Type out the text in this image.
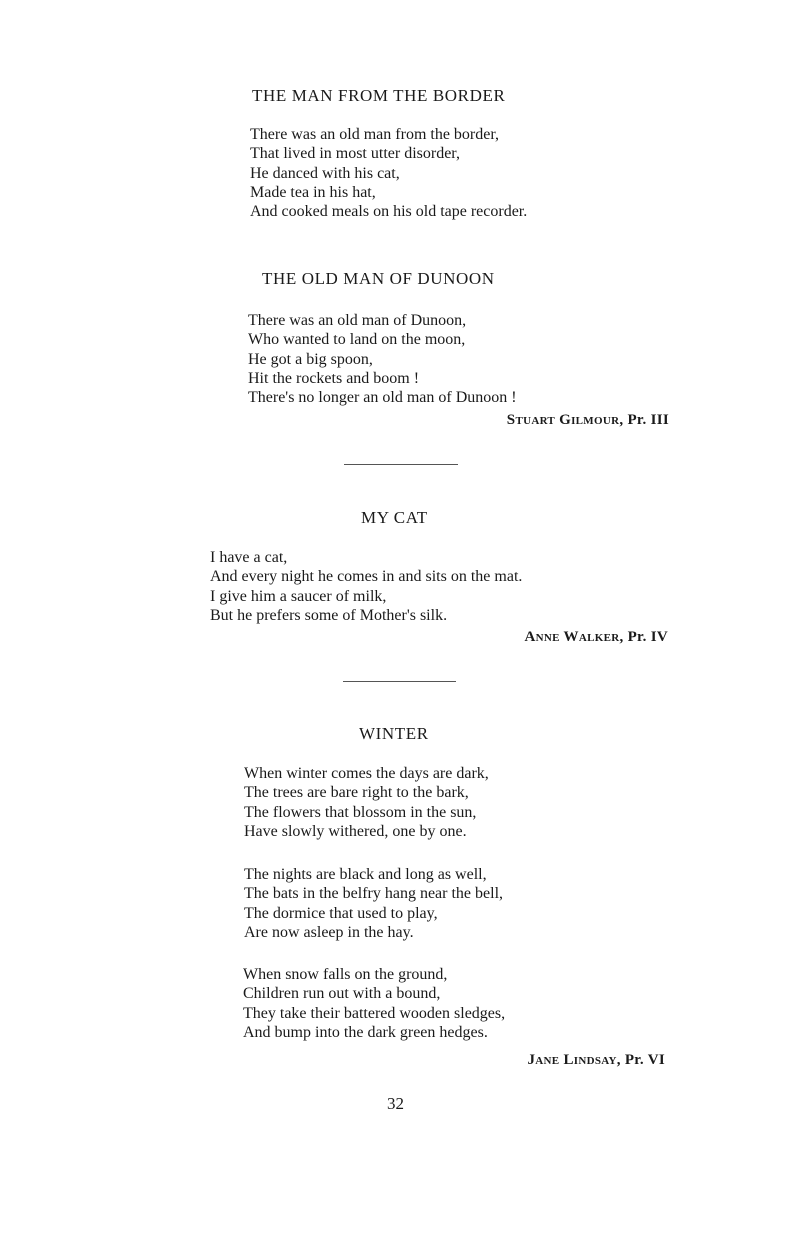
THE MAN FROM THE BORDER
There was an old man from the border,
That lived in most utter disorder,
He danced with his cat,
Made tea in his hat,
And cooked meals on his old tape recorder.
THE OLD MAN OF DUNOON
There was an old man of Dunoon,
Who wanted to land on the moon,
He got a big spoon,
Hit the rockets and boom !
There's no longer an old man of Dunoon !
Stuart Gilmour, Pr. III
MY CAT
I have a cat,
And every night he comes in and sits on the mat.
I give him a saucer of milk,
But he prefers some of Mother's silk.
Anne Walker, Pr. IV
WINTER
When winter comes the days are dark,
The trees are bare right to the bark,
The flowers that blossom in the sun,
Have slowly withered, one by one.
The nights are black and long as well,
The bats in the belfry hang near the bell,
The dormice that used to play,
Are now asleep in the hay.
When snow falls on the ground,
Children run out with a bound,
They take their battered wooden sledges,
And bump into the dark green hedges.
Jane Lindsay, Pr. VI
32
